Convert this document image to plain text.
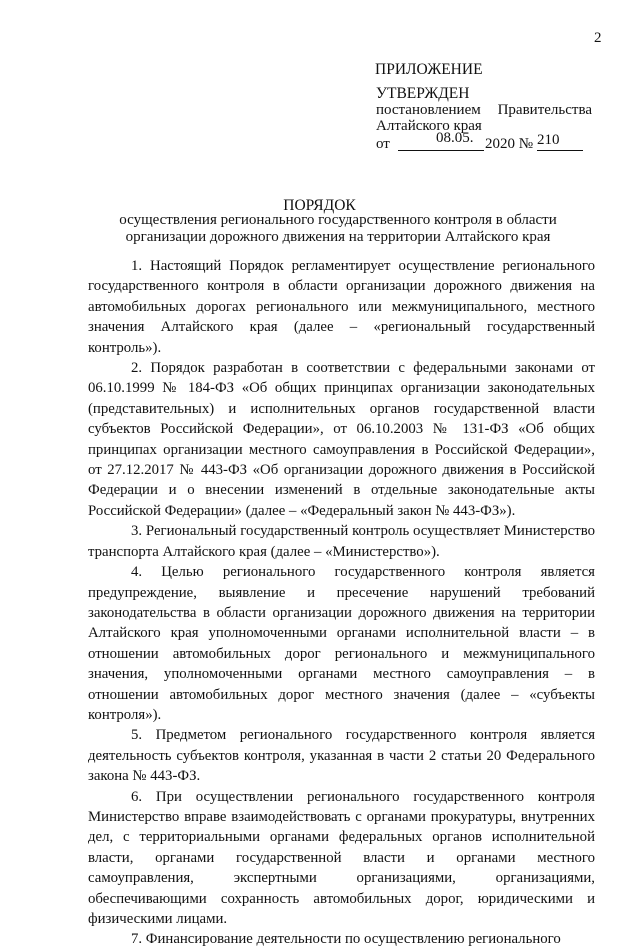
2
ПРИЛОЖЕНИЕ
УТВЕРЖДЕН
постановлением Правительства
Алтайского края
от	08.05. 2020 № 210
ПОРЯДОК
осуществления регионального государственного контроля в области организации дорожного движения на территории Алтайского края

1. Настоящий Порядок регламентирует осуществление регионального государственного контроля в области организации дорожного движения на автомобильных дорогах регионального или межмуниципального, местного значения Алтайского края (далее – «региональный государственный контроль»).

2. Порядок разработан в соответствии с федеральными законами от 06.10.1999 № 184-ФЗ «Об общих принципах организации законодательных (представительных) и исполнительных органов государственной власти субъектов Российской Федерации», от 06.10.2003 № 131-ФЗ «Об общих принципах организации местного самоуправления в Российской Федерации», от 27.12.2017 № 443-ФЗ «Об организации дорожного движения в Российской Федерации и о внесении изменений в отдельные законодательные акты Российской Федерации» (далее – «Федеральный закон № 443-ФЗ»).

3. Региональный государственный контроль осуществляет Министерство транспорта Алтайского края (далее – «Министерство»).

4. Целью регионального государственного контроля является предупреждение, выявление и пресечение нарушений требований законодательства в области организации дорожного движения на территории Алтайского края уполномоченными органами исполнительной власти – в отношении автомобильных дорог регионального и межмуниципального значения, уполномоченными органами местного самоуправления – в отношении автомобильных дорог местного значения (далее – «субъекты контроля»).

5. Предметом регионального государственного контроля является деятельность субъектов контроля, указанная в части 2 статьи 20 Федерального закона № 443-ФЗ.

6. При осуществлении регионального государственного контроля Министерство вправе взаимодействовать с органами прокуратуры, внутренних дел, с территориальными органами федеральных органов исполнительной власти, органами государственной власти и органами местного самоуправления, экспертными организациями, организациями, обеспечивающими сохранность автомобильных дорог, юридическими и физическими лицами.

7. Финансирование деятельности по осуществлению регионального
